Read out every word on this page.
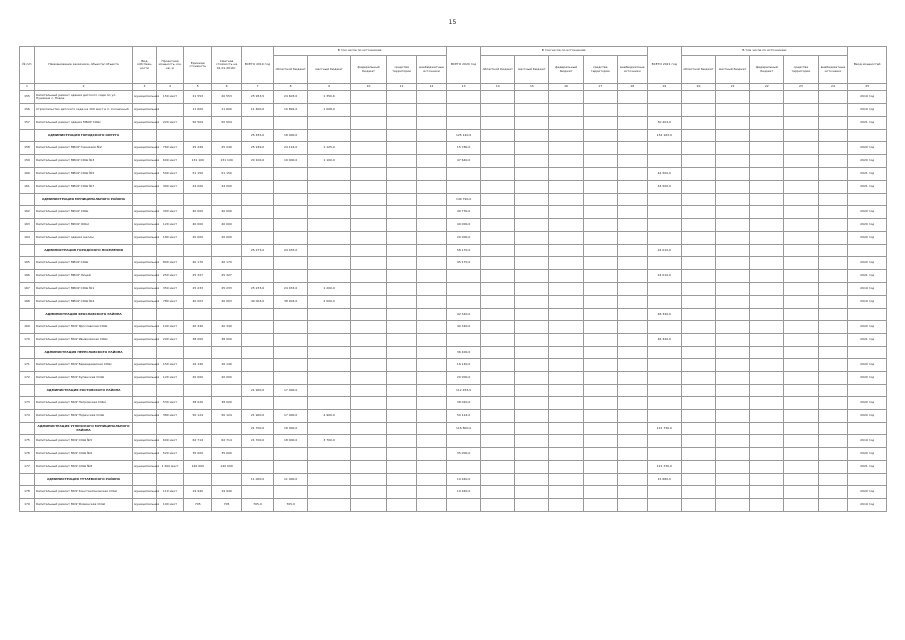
15
№ п/п	Наименование заказчика, объекта/ объекта	Вид собствен-ности	Проектная мощность, км, кв. м	Единица стоимость	Сметная стоимость на 01.01.2016г.	ВСЕГО 2019 год	В том числе по источникам:					ВСЕГО 2020 год	В том числе по источникам:					ВСЕГО 2021 год	В том числе по источникам:					Ввод мощностей
							областной бюджет	местный бюджет	федеральный бюджет	средства территории	внебюджетные источники		областной бюджет	местный бюджет	федеральный бюджет	средства территории	внебюджетные источники		областной бюджет	местный бюджет	федеральный бюджет	средства территории	внебюджетные источники	
1	2	3	4	5	6	7	8	9	10	11	12	13	14	15	16	17	18	19	20	21	22	23	24	25
155	Капитальный ремонт здания детского сада по ул. Пушкина с. Новое	муниципальная	150 мест	21 553	20 553	25 953,5	24 603,0	1 350,6																2019 год
156	Строительство детского сада на 100 мест в п. Солнечный	муниципальная		11 600	11 600	11 600,0	10 892,0	1 008,0																2019 год
157	Капитальный ремонт здания МБОУ СОШ	муниципальная	220 мест	50 504	50 504													50 404,0						2021 год
	АДМИНИСТРАЦИЯ ГОРОДСКОГО ОКРУГА					25 455,0	18 000,0					125 140,0						152 163,0						
158	Капитальный ремонт МБОУ Гимназия №2	муниципальная	760 мест	25 249	25 249	25 249,0	24 124,0	1 125,0				15 780,0												2020 год
159	Капитальный ремонт МБОУ СОШ №3	муниципальная	600 мест	131 100	131 100	20 100,0	19 000,0	1 100,0				47 640,0												2020 год
160	Капитальный ремонт МБОУ СОШ №5	муниципальная	500 мест	51 150	51 150													42 500,0						2021 год
161	Капитальный ремонт МБОУ СОШ №7	муниципальная	400 мест	44 000	44 000													44 500,0						2021 год
	АДМИНИСТРАЦИЯ МУНИЦИПАЛЬНОГО РАЙОНА											140 790,0												
162	Капитальный ремонт МКОУ СОШ	муниципальная	300 мест	40 000	40 000							40 730,0												2020 год
163	Капитальный ремонт МКОУ ООШ	муниципальная	120 мест	40 000	40 000							40 000,0												2020 год
164	Капитальный ремонт здания школы	муниципальная	180 мест	20 000	20 000							20 000,0												2020 год
	АДМИНИСТРАЦИЯ ГОРОДСКОГО ПОСЕЛЕНИЯ					25 273,0	24 033,0					58 170,0						24 010,0						
165	Капитальный ремонт МБОУ СОШ	муниципальная	800 мест	40 170	40 170							45 170,0												2020 год
166	Капитальный ремонт МБОУ Лицей	муниципальная	250 мест	25 327	25 327													24 010,0						2021 год
167	Капитальный ремонт МБОУ СОШ №1	муниципальная	350 мест	25 233	25 233	25 233,0	24 033,0	1 200,0																2019 год
168	Капитальный ремонт МБОУ СОШ №4	муниципальная	780 мест	40 003	40 003	40 003,0	38 003,0	2 000,0																2019 год
	АДМИНИСТРАЦИЯ ЯРОСЛАВСКОГО РАЙОНА											42 340,0						46 340,0						
169	Капитальный ремонт МОУ Ярославская СОШ	муниципальная	100 мест	40 340	40 340							40 340,0												2020 год
170	Капитальный ремонт МОУ Ивняковская СОШ	муниципальная	200 мест	38 000	38 000													46 340,0						2021 год
	АДМИНИСТРАЦИЯ ПЕРЕСЛАВСКОГО РАЙОНА											36 400,0												
171	Капитальный ремонт МОУ Берендеевская СОШ	муниципальная	150 мест	16 140	16 140							16 140,0												2020 год
172	Капитальный ремонт МОУ Купанская СОШ	муниципальная	120 мест	20 000	20 000							20 000,0												2020 год
	АДМИНИСТРАЦИЯ РОСТОВСКОГО РАЙОНА					21 900,0	17 000,0					112 455,0												
173	Капитальный ремонт МОУ Петровская СОШ	муниципальная	530 мест	38 020	38 020							38 020,0												2020 год
174	Капитальный ремонт МОУ Поречская СОШ	муниципальная	380 мест	50 124	50 124	21 900,0	17 000,0	4 900,0				50 124,0												2020 год
	АДМИНИСТРАЦИЯ УГЛИЧСКОГО МУНИЦИПАЛЬНОГО РАЙОНА					21 700,0	18 000,0					116 800,0						121 730,0						
175	Капитальный ремонт МОУ СОШ №5	муниципальная	600 мест	62 714	62 714	21 700,0	18 000,0	3 700,0																2019 год
176	Капитальный ремонт МОУ СОШ №6	муниципальная	520 мест	35 000	35 000							35 000,0												2020 год
177	Капитальный ремонт МОУ СОШ №8	муниципальная	1 200 мест	140 000	140 000													121 730,0						2021 год
	АДМИНИСТРАЦИЯ ТУТАЕВСКОГО РАЙОНА					11 000,0	11 000,0					19 940,0						15 680,0						
178	Капитальный ремонт МОУ Константиновская СОШ	муниципальная	110 мест	19 940	19 940							19 940,0												2020 год
179	Капитальный ремонт МОУ Фоминская СОШ	муниципальная	100 мест	705	705	705,0	705,0																	2019 год
